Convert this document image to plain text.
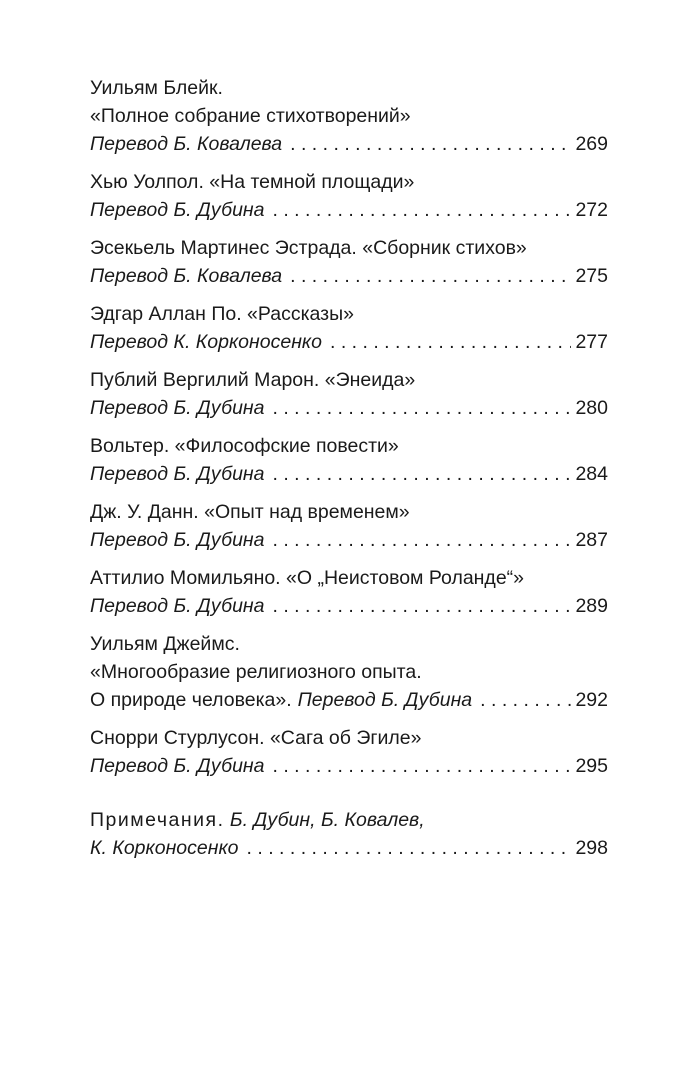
Уильям Блейк.
«Полное собрание стихотворений»
Перевод Б. Ковалева . . .	269
Хью Уолпол. «На темной площади»
Перевод Б. Дубина . . .	272
Эсекьель Мартинес Эстрада. «Сборник стихов»
Перевод Б. Ковалева . . .	275
Эдгар Аллан По. «Рассказы»
Перевод К. Корконосенко . . .	277
Публий Вергилий Марон. «Энеида»
Перевод Б. Дубина . . .	280
Вольтер. «Философские повести»
Перевод Б. Дубина . . .	284
Дж. У. Данн. «Опыт над временем»
Перевод Б. Дубина . . .	287
Аттилио Момильяно. «О „Неистовом Роланде“»
Перевод Б. Дубина . . .	289
Уильям Джеймс.
«Многообразие религиозного опыта.
О природе человека». Перевод Б. Дубина . . .	292
Снорри Стурлусон. «Сага об Эгиле»
Перевод Б. Дубина . . .	295
Примечания. Б. Дубин, Б. Ковалев,
К. Корконосенко . . .	298
